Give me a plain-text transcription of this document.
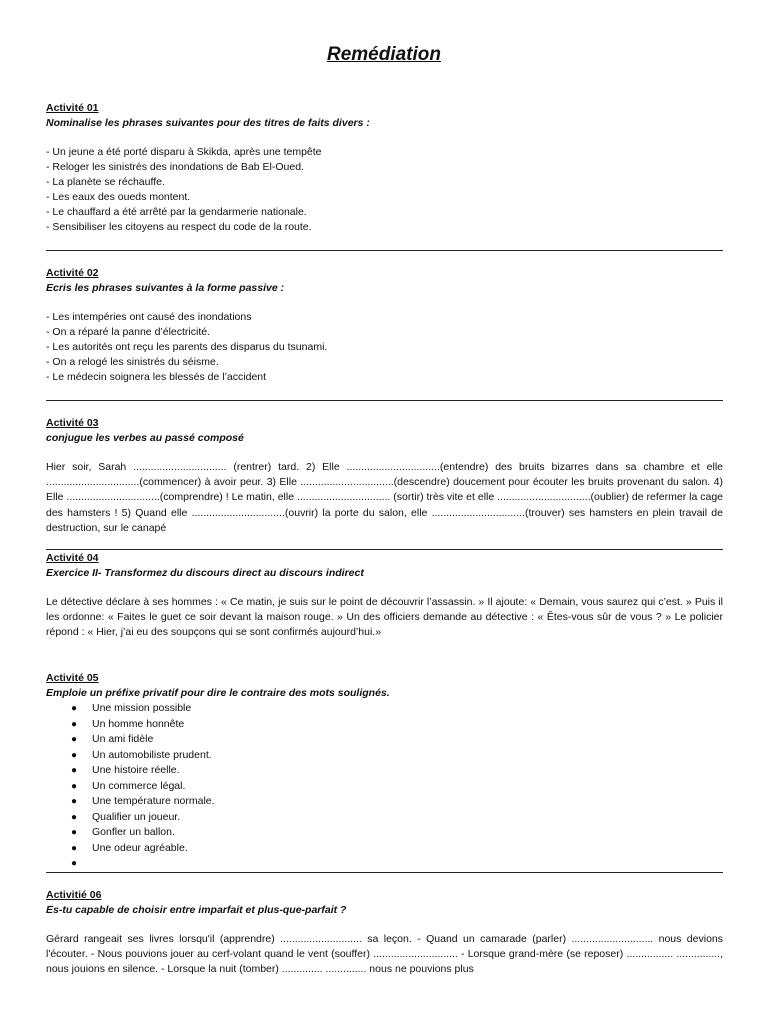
Remédiation
Activité 01
Nominalise les phrases suivantes pour des titres de faits divers :
- Un jeune a été porté disparu à Skikda, après une tempête
- Reloger les sinistrés des inondations de Bab El-Oued.
- La planète se réchauffe.
- Les eaux des oueds montent.
- Le chauffard a été arrêté par la gendarmerie nationale.
- Sensibiliser les citoyens au respect du code de la route.
Activité 02
Ecris les phrases suivantes à la forme passive :
- Les intempéries ont causé des inondations
- On a réparé la panne d’électricité.
- Les autorités ont reçu les parents des disparus du tsunami.
- On a relogé les sinistrés du séisme.
- Le médecin soignera les blessés de l’accident
Activité 03
conjugue les verbes au passé composé
Hier soir, Sarah ................................ (rentrer) tard. 2) Elle ................................(entendre) des bruits bizarres dans sa chambre et elle ................................(commencer) à avoir peur. 3) Elle ................................(descendre) doucement pour écouter les bruits provenant du salon. 4) Elle ................................(comprendre) ! Le matin, elle ................................ (sortir) très vite et elle ................................(oublier) de refermer la cage des hamsters ! 5) Quand elle ................................(ouvrir) la porte du salon, elle ................................(trouver) ses hamsters en plein travail de destruction, sur le canapé
Activité 04
Exercice II- Transformez du discours direct au discours indirect
Le détective déclare à ses hommes : « Ce matin, je suis sur le point de découvrir l’assassin. » Il ajoute: « Demain, vous saurez qui c’est. » Puis il les ordonne: « Faites le guet ce soir devant la maison rouge. » Un des officiers demande au détective : « Êtes-vous sûr de vous ? » Le policier répond : « Hier, j’ai eu des soupçons qui se sont confirmés aujourd’hui.»
Activité 05
Emploie un préfixe privatif pour dire le contraire des mots soulignés.
● Une mission possible
● Un homme honnête
● Un ami fidèle
● Un automobiliste prudent.
● Une histoire réelle.
● Un commerce légal.
● Une température normale.
● Qualifier un joueur.
● Gonfler un ballon.
● Une odeur agréable.
●
Activitié 06
Es-tu capable de choisir entre imparfait et plus-que-parfait ?
Gérard rangeait ses livres lorsqu'il (apprendre) ............................ sa leçon. - Quand un camarade (parler) ............................ nous devions l'écouter. - Nous pouvions jouer au cerf-volant quand le vent (souffer) ............................. - Lorsque grand-mère (se reposer) ................ ..............., nous jouions en silence. - Lorsque la nuit (tomber) .............. .............. nous ne pouvions plus
